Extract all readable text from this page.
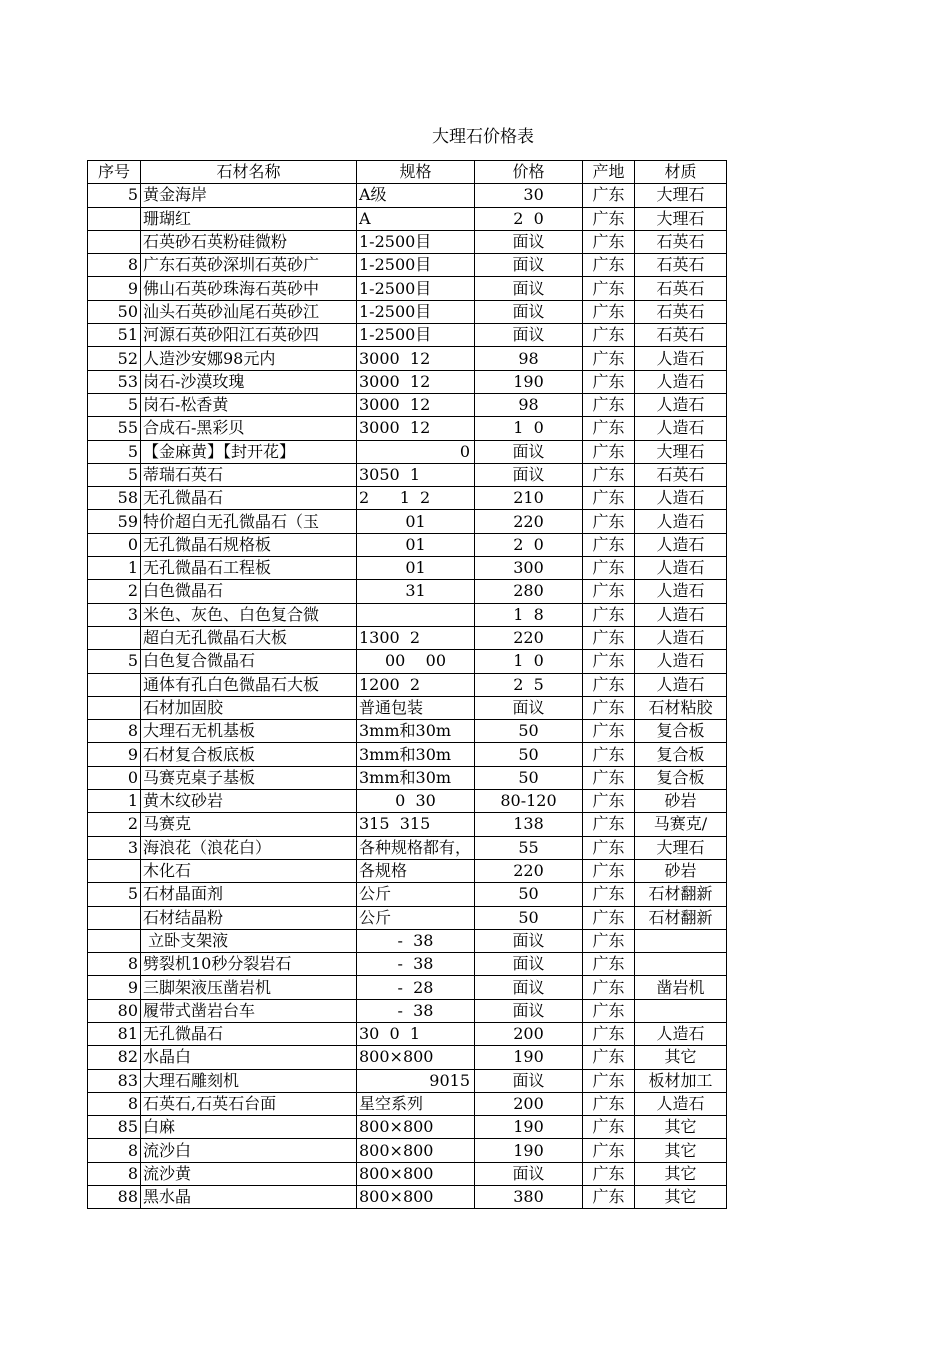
大理石价格表
序号	石材名称	规格	价格	产地	材质
5	黄金海岸	A级	30	广东	大理石
	珊瑚红	A	2  0	广东	大理石
	石英砂石英粉硅微粉	1-2500目	面议	广东	石英石
8	广东石英砂深圳石英砂广	1-2500目	面议	广东	石英石
9	佛山石英砂珠海石英砂中	1-2500目	面议	广东	石英石
50	汕头石英砂汕尾石英砂江	1-2500目	面议	广东	石英石
51	河源石英砂阳江石英砂四	1-2500目	面议	广东	石英石
52	人造沙安娜98元内	3000  12	98	广东	人造石
53	岗石-沙漠玫瑰	3000  12	190	广东	人造石
5	岗石-松香黄	3000  12	98	广东	人造石
55	合成石-黑彩贝	3000  12	1  0	广东	人造石
5	【金麻黄】【封开花】	0	面议	广东	大理石
5	蒂瑞石英石	3050  1	面议	广东	石英石
58	无孔微晶石	2      1  2	210	广东	人造石
59	特价超白无孔微晶石（玉	01	220	广东	人造石
0	无孔微晶石规格板	01	2  0	广东	人造石
1	无孔微晶石工程板	01	300	广东	人造石
2	白色微晶石	31	280	广东	人造石
3	米色、灰色、白色复合微		1  8	广东	人造石
	超白无孔微晶石大板	1300  2	220	广东	人造石
5	白色复合微晶石	00    00	1  0	广东	人造石
	通体有孔白色微晶石大板	1200  2	2  5	广东	人造石
	石材加固胶	普通包装	面议	广东	石材粘胶
8	大理石无机基板	3mm和30m	50	广东	复合板
9	石材复合板底板	3mm和30m	50	广东	复合板
0	马赛克桌子基板	3mm和30m	50	广东	复合板
1	黄木纹砂岩	0  30	80-120	广东	砂岩
2	马赛克	315  315	138	广东	马赛克/
3	海浪花（浪花白）	各种规格都有，	55	广东	大理石
	木化石	各规格	220	广东	砂岩
5	石材晶面剂	公斤	50	广东	石材翻新
	石材结晶粉	公斤	50	广东	石材翻新
	立卧支架液	-  38	面议	广东	
8	劈裂机10秒分裂岩石	-  38	面议	广东	
9	三脚架液压凿岩机	-  28	面议	广东	凿岩机
80	履带式凿岩台车	-  38	面议	广东	
81	无孔微晶石	30  0  1	200	广东	人造石
82	水晶白	800×800	190	广东	其它
83	大理石雕刻机	9015	面议	广东	板材加工
8	石英石,石英石台面	星空系列	200	广东	人造石
85	白麻	800×800	190	广东	其它
8	流沙白	800×800	190	广东	其它
8	流沙黄	800×800	面议	广东	其它
88	黑水晶	800×800	380	广东	其它
